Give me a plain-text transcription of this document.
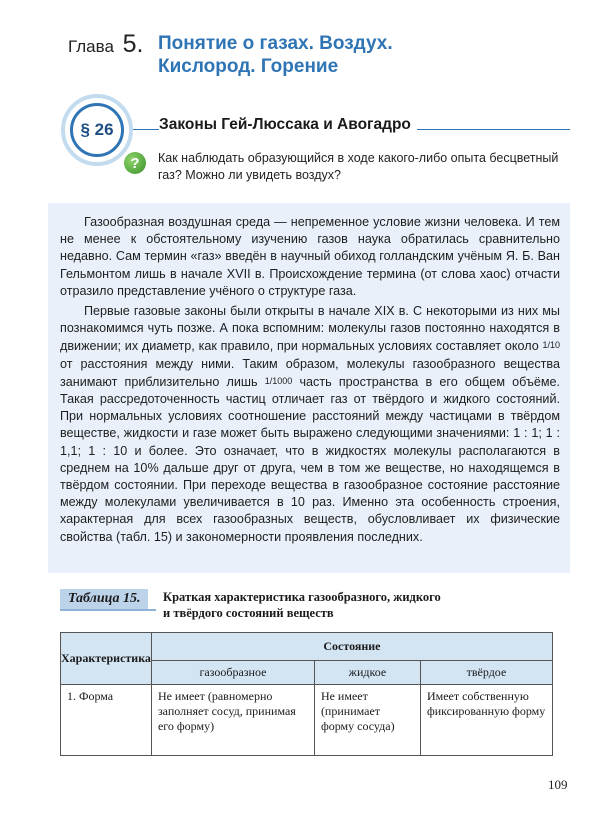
Глава 5. Понятие о газах. Воздух.
Кислород. Горение
§ 26	Законы Гей-Люссака и Авогадро
?	Как наблюдать образующийся в ходе какого-либо опыта бесцветный газ? Можно ли увидеть воздух?
Газообразная воздушная среда — непременное условие жизни человека. И тем не менее к обстоятельному изучению газов наука обратилась сравнительно недавно. Сам термин «газ» введён в научный обиход голландским учёным Я. Б. Ван Гельмонтом лишь в начале XVII в. Происхождение термина (от слова хаос) отчасти отразило представление учёного о структуре газа.
Первые газовые законы были открыты в начале XIX в. С некоторыми из них мы познакомимся чуть позже. А пока вспомним: молекулы газов постоянно находятся в движении; их диаметр, как правило, при нормальных условиях составляет около 1/10 от расстояния между ними. Таким образом, молекулы газообразного вещества занимают приблизительно лишь 1/1000 часть пространства в его общем объёме. Такая рассредоточенность частиц отличает газ от твёрдого и жидкого состояний. При нормальных условиях соотношение расстояний между частицами в твёрдом веществе, жидкости и газе может быть выражено следующими значениями: 1 : 1; 1 : 1,1; 1 : 10 и более. Это означает, что в жидкостях молекулы располагаются в среднем на 10% дальше друг от друга, чем в том же веществе, но находящемся в твёрдом состоянии. При переходе вещества в газообразное состояние расстояние между молекулами увеличивается в 10 раз. Именно эта особенность строения, характерная для всех газообразных веществ, обусловливает их физические свойства (табл. 15) и закономерности проявления последних.
Таблица 15.	Краткая характеристика газообразного, жидкого
и твёрдого состояний веществ
Характеристика	Состояние		
	газообразное	жидкое	твёрдое
1. Форма	Не имеет (равномерно заполняет сосуд, принимая его форму)	Не имеет (принимает форму сосуда)	Имеет собственную фиксированную форму
109
